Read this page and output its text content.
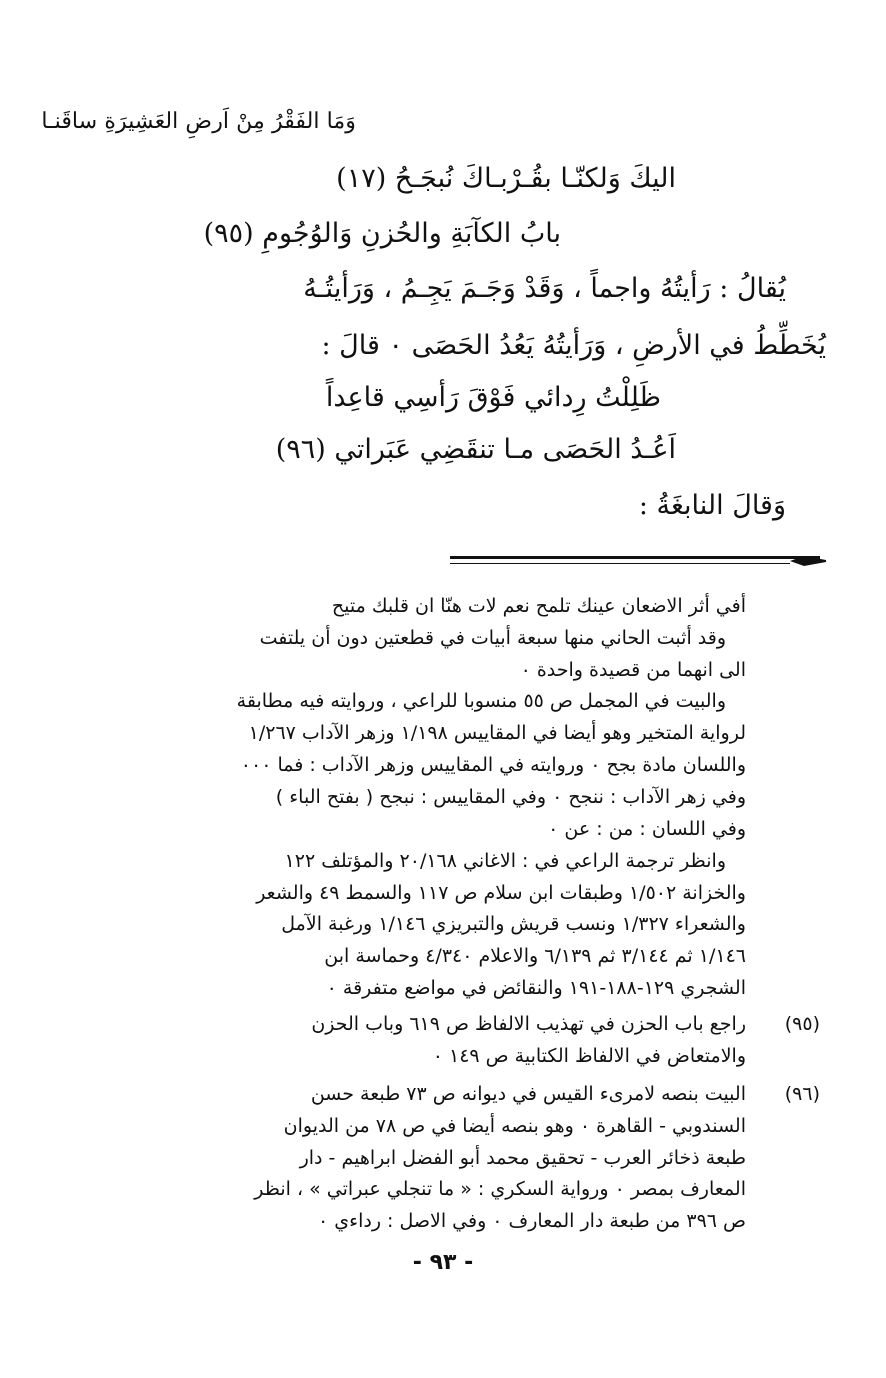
وَمَا الفَقْرُ مِنْ اَرضِ العَشِيرَةِ ساقَنـا
اليكَ وَلكنّـا بقُـرْبـاكَ نُبجَـحُ (١٧)
بابُ الكآبَةِ والحُزنِ وَالوُجُومِ (٩٥)
يُقالُ : رَأيتُهُ واجماً ، وَقَدْ وَجَـمَ يَجِـمُ ، وَرَأيتُـهُ
يُخَطِّطُ في الأرضِ ، وَرَأيتُهُ يَعُدُ الحَصَى ٠ قالَ :
ظَلِلْتُ رِدائي فَوْقَ رَأسِي قاعِداً
اَعُـدُ الحَصَى مـا تنقَضِي عَبَراتي (٩٦)
وَقالَ النابغَةُ :
أفي أثر الاضعان عينك تلمح نعم لات هنّا ان قلبك متيح
وقد أثبت الحاني منها سبعة أبيات في قطعتين دون أن يلتفت
الى انهما من قصيدة واحدة ٠
والبيت في المجمل ص ٥٥ منسوبا للراعي ، وروايته فيه مطابقة
لرواية المتخير وهو أيضا في المقاييس ١/١٩٨ وزهر الآداب ١/٢٦٧
واللسان مادة بجح ٠ وروايته في المقاييس وزهر الآداب : فما ٠٠٠
وفي زهر الآداب : ننجح ٠ وفي المقاييس : نبجح ( بفتح الباء )
وفي اللسان : من : عن ٠
وانظر ترجمة الراعي في : الاغاني ٢٠/١٦٨ والمؤتلف ١٢٢
والخزانة ١/٥٠٢ وطبقات ابن سلام ص ١١٧ والسمط ٤٩ والشعر
والشعراء ١/٣٢٧ ونسب قريش والتبريزي ١/١٤٦ ورغبة الآمل
١/١٤٦ ثم ٣/١٤٤ ثم ٦/١٣٩ والاعلام ٤/٣٤٠ وحماسة ابن
الشجري ١٢٩-١٨٨-١٩١ والنقائض في مواضع متفرقة ٠
(٩٥)
راجع باب الحزن في تهذيب الالفاظ ص ٦١٩ وباب الحزن
والامتعاض في الالفاظ الكتابية ص ١٤٩ ٠
(٩٦)
البيت بنصه لامرىء القيس في ديوانه ص ٧٣ طبعة حسن
السندوبي - القاهرة ٠ وهو بنصه أيضا في ص ٧٨ من الديوان
طبعة ذخائر العرب - تحقيق محمد أبو الفضل ابراهيم - دار
المعارف بمصر ٠ ورواية السكري : « ما تنجلي عبراتي » ، انظر
ص ٣٩٦ من طبعة دار المعارف ٠ وفي الاصل : رداءي ٠
- ٩٣ -
